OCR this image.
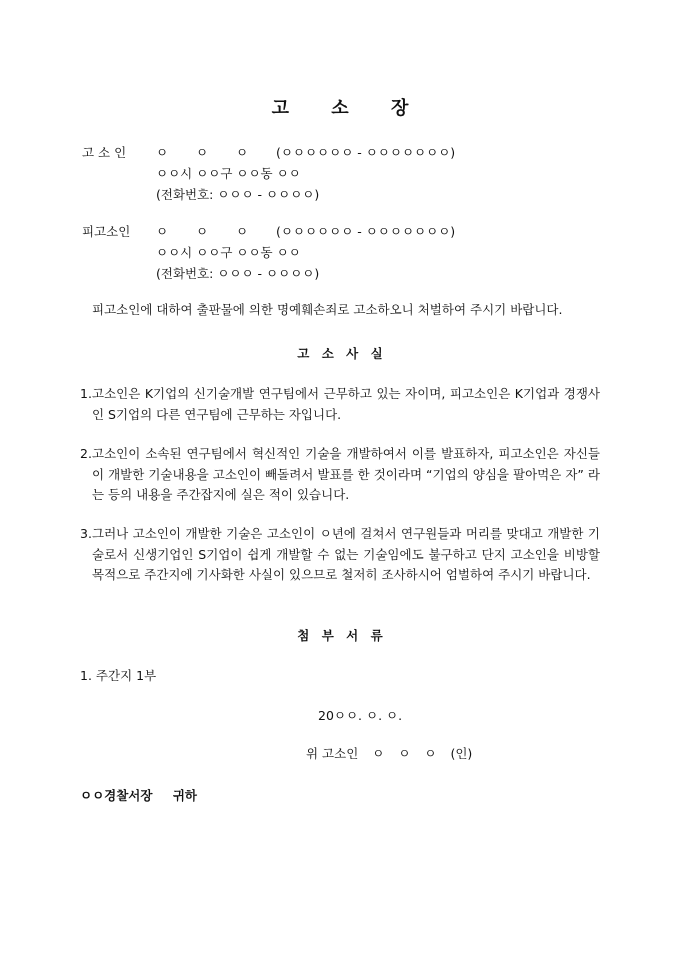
고 소 장
고 소 인	ㅇ ㅇ ㅇ (ㅇㅇㅇㅇㅇㅇ - ㅇㅇㅇㅇㅇㅇㅇ)
ㅇㅇ시 ㅇㅇ구 ㅇㅇ동 ㅇㅇ
(전화번호: ㅇㅇㅇ - ㅇㅇㅇㅇ)
피고소인	ㅇ ㅇ ㅇ (ㅇㅇㅇㅇㅇㅇ - ㅇㅇㅇㅇㅇㅇㅇ)
ㅇㅇ시 ㅇㅇ구 ㅇㅇ동 ㅇㅇ
(전화번호: ㅇㅇㅇ - ㅇㅇㅇㅇ)
피고소인에 대하여 출판물에 의한 명예훼손죄로 고소하오니 처벌하여 주시기 바랍니다.
고 소 사 실
1. 고소인은 K기업의 신기술개발 연구팀에서 근무하고 있는 자이며, 피고소인은 K기업과 경쟁사인 S기업의 다른 연구팀에 근무하는 자입니다.
2. 고소인이 소속된 연구팀에서 혁신적인 기술을 개발하여서 이를 발표하자, 피고소인은 자신들이 개발한 기술내용을 고소인이 빼돌려서 발표를 한 것이라며 “기업의 양심을 팔아먹은 자” 라는 등의 내용을 주간잡지에 실은 적이 있습니다.
3. 그러나 고소인이 개발한 기술은 고소인이 ㅇ년에 걸쳐서 연구원들과 머리를 맞대고 개발한 기술로서 신생기업인 S기업이 쉽게 개발할 수 없는 기술임에도 불구하고 단지 고소인을 비방할 목적으로 주간지에 기사화한 사실이 있으므로 철저히 조사하시어 엄벌하여 주시기 바랍니다.
첨 부 서 류
1. 주간지 1부
20ㅇㅇ. ㅇ. ㅇ.
위 고소인 ㅇ ㅇ ㅇ (인)
ㅇㅇ경찰서장 귀하
